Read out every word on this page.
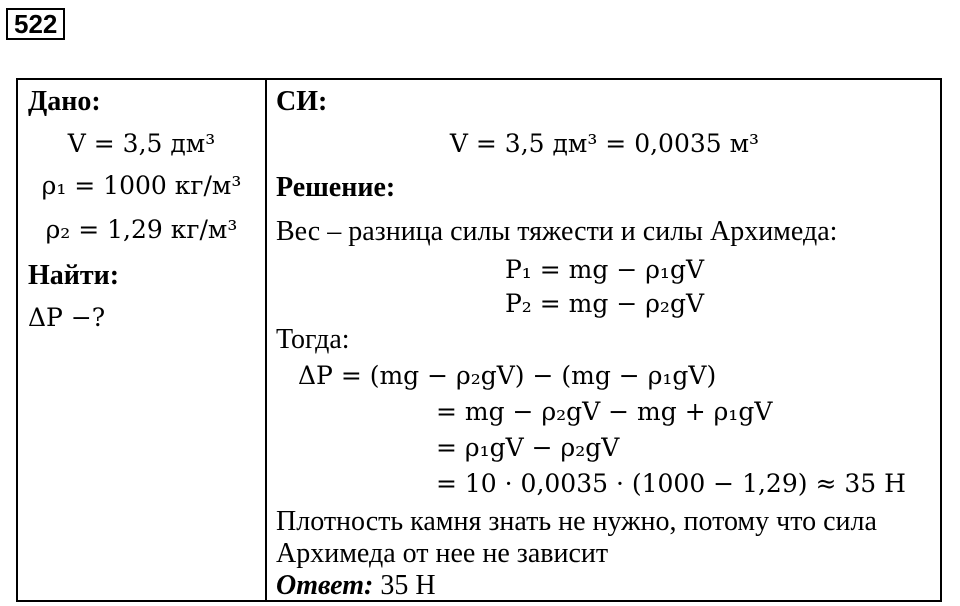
522
Дано:
V = 3,5 дм³
ρ₁ = 1000 кг/м³
ρ₂ = 1,29 кг/м³
Найти:
ΔP −?
СИ:
V = 3,5 дм³ = 0,0035 м³
Решение:
Вес – разница силы тяжести и силы Архимеда:
P₁ = mg − ρ₁gV
P₂ = mg − ρ₂gV
Тогда:
ΔP = (mg − ρ₂gV) − (mg − ρ₁gV)
= mg − ρ₂gV − mg + ρ₁gV
= ρ₁gV − ρ₂gV
= 10 · 0,0035 · (1000 − 1,29) ≈ 35 Н
Плотность камня знать не нужно, потому что сила
Архимеда от нее не зависит
Ответ: 35 Н
